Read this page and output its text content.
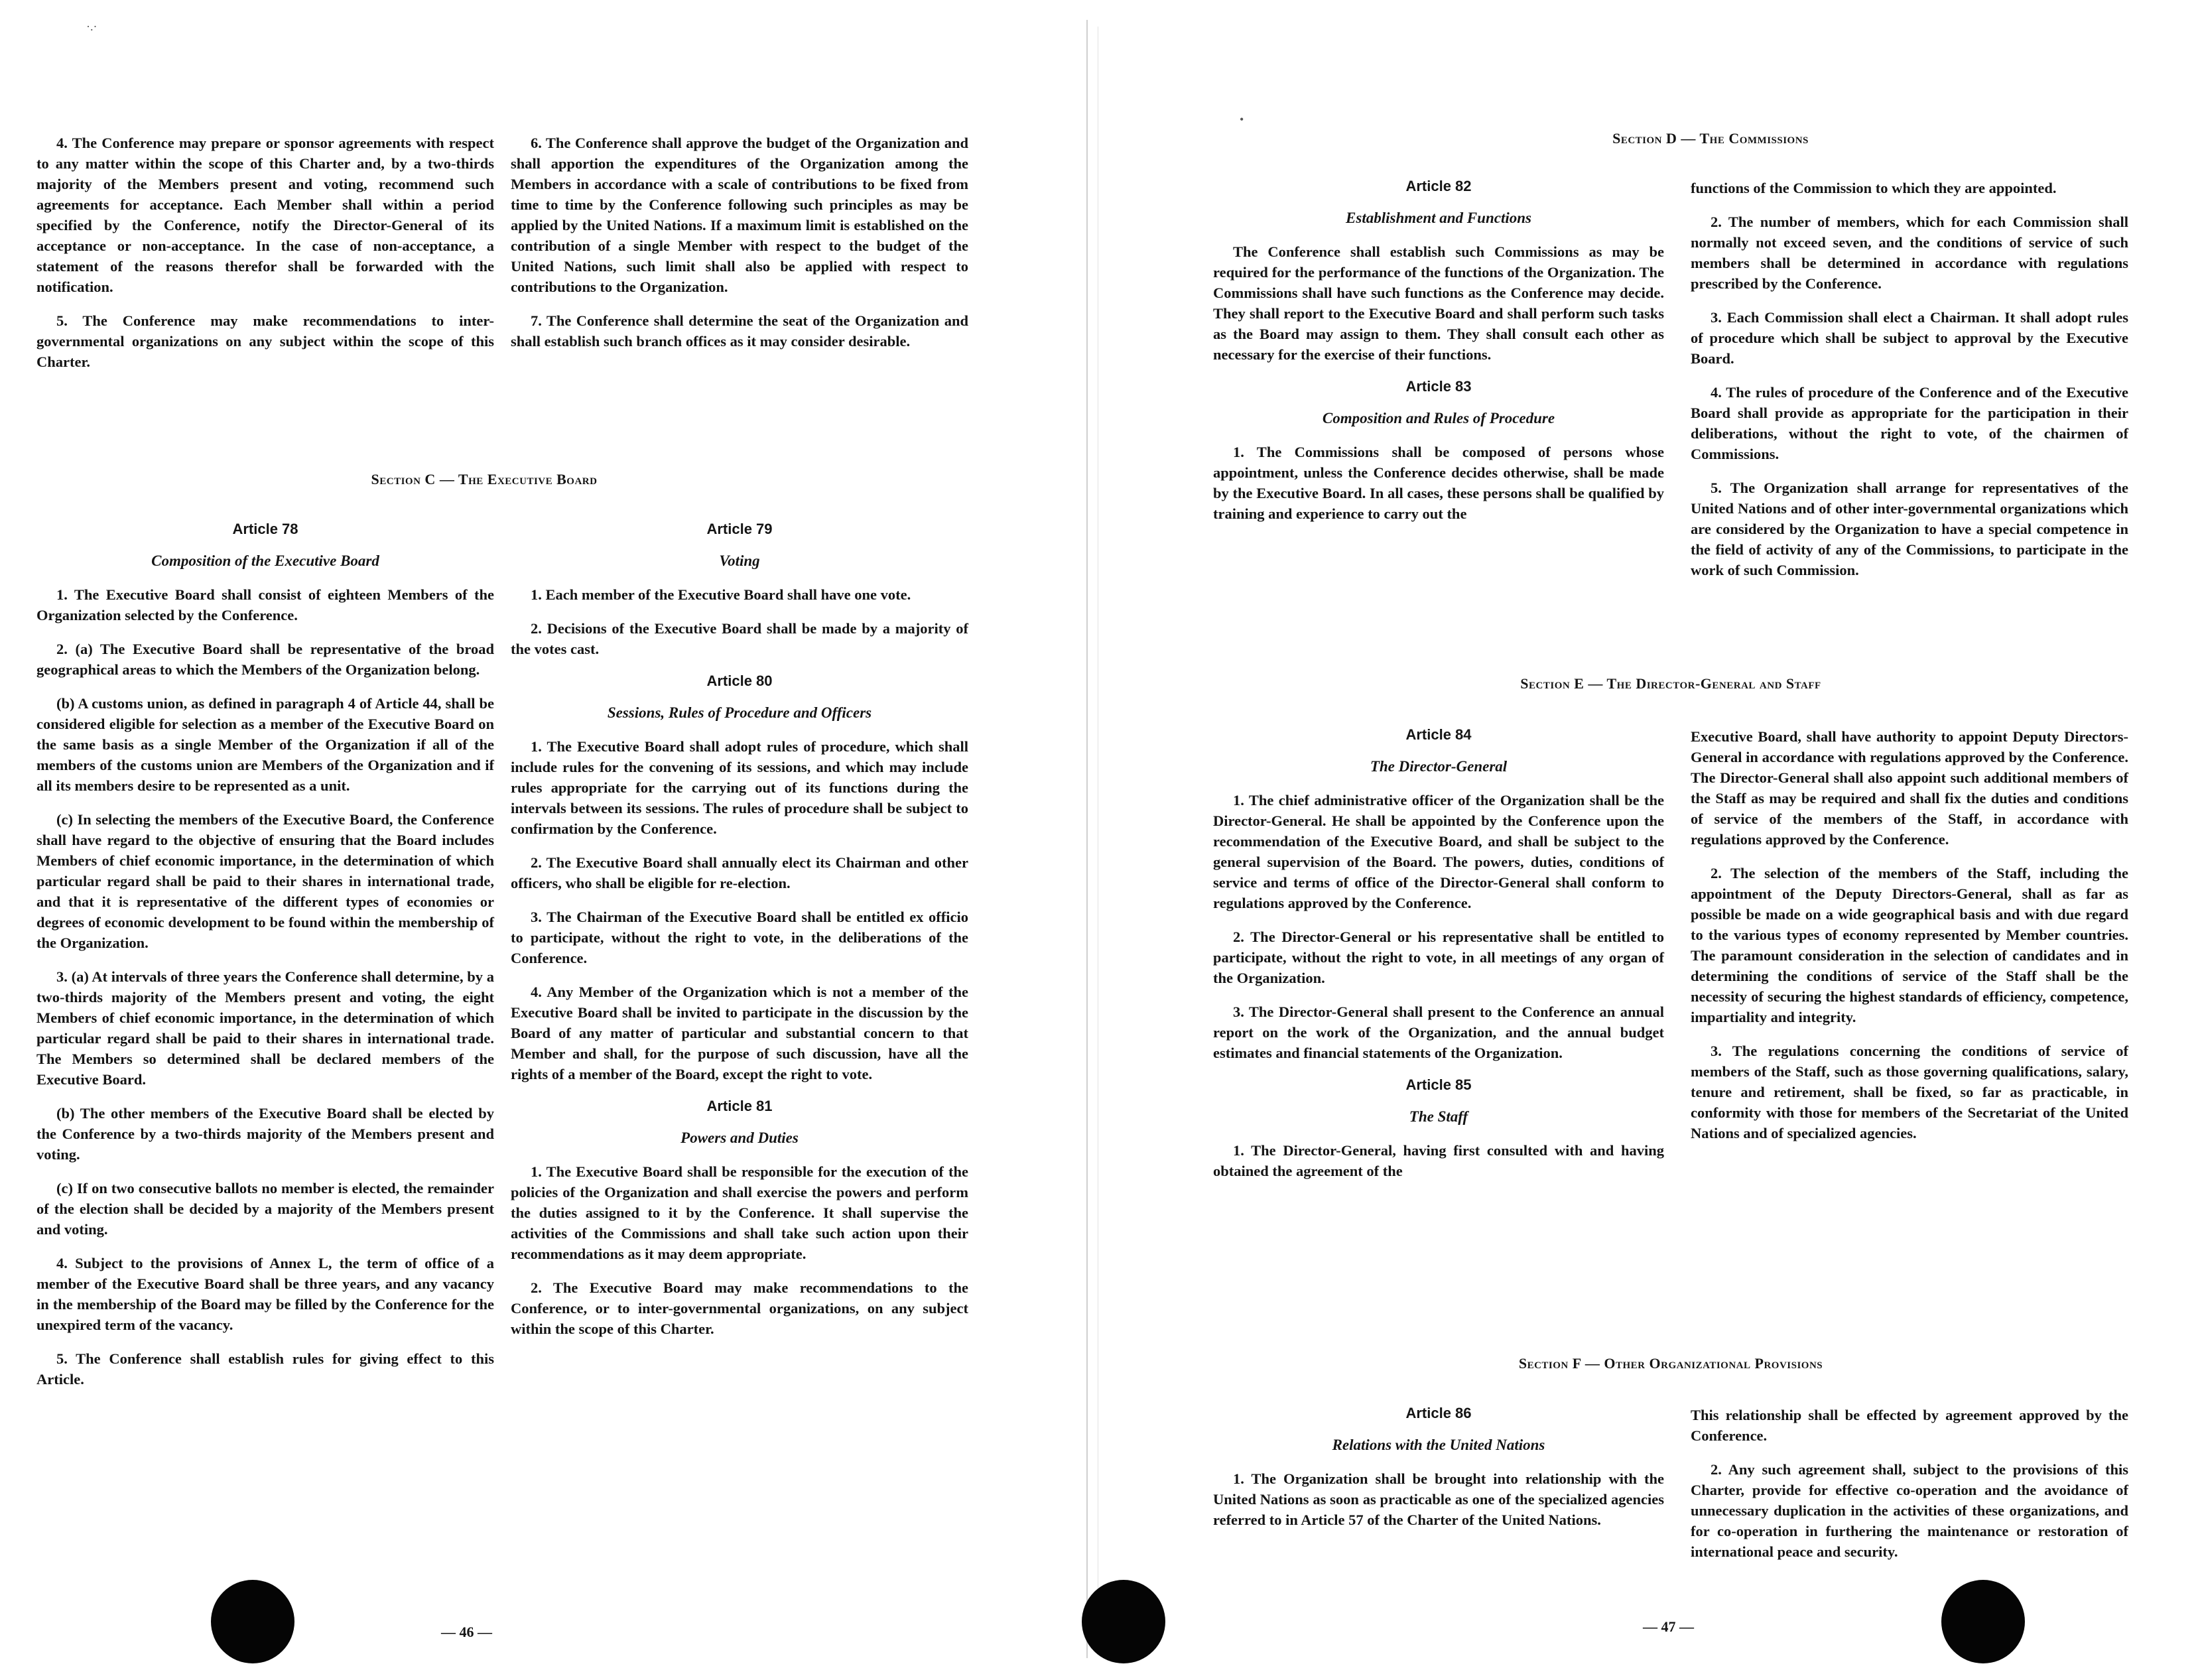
·.·

4. The Conference may prepare or sponsor agreements with respect to any matter within the scope of this Charter and, by a two-thirds majority of the Members present and voting, recommend such agreements for acceptance. Each Member shall within a period specified by the Conference, notify the Director-General of its acceptance or non-acceptance. In the case of non-acceptance, a statement of the reasons therefor shall be forwarded with the notification.

5. The Conference may make recommendations to inter-governmental organizations on any subject within the scope of this Charter.

6. The Conference shall approve the budget of the Organization and shall apportion the expenditures of the Organization among the Members in accordance with a scale of contributions to be fixed from time to time by the Conference following such principles as may be applied by the United Nations. If a maximum limit is established on the contribution of a single Member with respect to the budget of the United Nations, such limit shall also be applied with respect to contributions to the Organization.

7. The Conference shall determine the seat of the Organization and shall establish such branch offices as it may consider desirable.

Section C — The Executive Board
Article 78
Composition of the Executive Board

1. The Executive Board shall consist of eighteen Members of the Organization selected by the Conference.

2. (a) The Executive Board shall be representative of the broad geographical areas to which the Members of the Organization belong.

(b) A customs union, as defined in paragraph 4 of Article 44, shall be considered eligible for selection as a member of the Executive Board on the same basis as a single Member of the Organization if all of the members of the customs union are Members of the Organization and if all its members desire to be represented as a unit.

(c) In selecting the members of the Executive Board, the Conference shall have regard to the objective of ensuring that the Board includes Members of chief economic importance, in the determination of which particular regard shall be paid to their shares in international trade, and that it is representative of the different types of economies or degrees of economic development to be found within the membership of the Organization.

3. (a) At intervals of three years the Conference shall determine, by a two-thirds majority of the Members present and voting, the eight Members of chief economic importance, in the determination of which particular regard shall be paid to their shares in international trade. The Members so determined shall be declared members of the Executive Board.

(b) The other members of the Executive Board shall be elected by the Conference by a two-thirds majority of the Members present and voting.

(c) If on two consecutive ballots no member is elected, the remainder of the election shall be decided by a majority of the Members present and voting.

4. Subject to the provisions of Annex L, the term of office of a member of the Executive Board shall be three years, and any vacancy in the membership of the Board may be filled by the Conference for the unexpired term of the vacancy.

5. The Conference shall establish rules for giving effect to this Article.

Article 79
Voting

1. Each member of the Executive Board shall have one vote.

2. Decisions of the Executive Board shall be made by a majority of the votes cast.

Article 80
Sessions, Rules of Procedure and Officers

1. The Executive Board shall adopt rules of procedure, which shall include rules for the convening of its sessions, and which may include rules appropriate for the carrying out of its functions during the intervals between its sessions. The rules of procedure shall be subject to confirmation by the Conference.

2. The Executive Board shall annually elect its Chairman and other officers, who shall be eligible for re-election.

3. The Chairman of the Executive Board shall be entitled ex officio to participate, without the right to vote, in the deliberations of the Conference.

4. Any Member of the Organization which is not a member of the Executive Board shall be invited to participate in the discussion by the Board of any matter of particular and substantial concern to that Member and shall, for the purpose of such discussion, have all the rights of a member of the Board, except the right to vote.

Article 81
Powers and Duties

1. The Executive Board shall be responsible for the execution of the policies of the Organization and shall exercise the powers and perform the duties assigned to it by the Conference. It shall supervise the activities of the Commissions and shall take such action upon their recommendations as it may deem appropriate.

2. The Executive Board may make recommendations to the Conference, or to inter-governmental organizations, on any subject within the scope of this Charter.

— 46 —
•
Section D — The Commissions
Article 82
Establishment and Functions

The Conference shall establish such Commissions as may be required for the performance of the functions of the Organization. The Commissions shall have such functions as the Conference may decide. They shall report to the Executive Board and shall perform such tasks as the Board may assign to them. They shall consult each other as necessary for the exercise of their functions.

Article 83
Composition and Rules of Procedure

1. The Commissions shall be composed of persons whose appointment, unless the Conference decides otherwise, shall be made by the Executive Board. In all cases, these persons shall be qualified by training and experience to carry out the

functions of the Commission to which they are appointed.

2. The number of members, which for each Commission shall normally not exceed seven, and the conditions of service of such members shall be determined in accordance with regulations prescribed by the Conference.

3. Each Commission shall elect a Chairman. It shall adopt rules of procedure which shall be subject to approval by the Executive Board.

4. The rules of procedure of the Conference and of the Executive Board shall provide as appropriate for the participation in their deliberations, without the right to vote, of the chairmen of Commissions.

5. The Organization shall arrange for representatives of the United Nations and of other inter-governmental organizations which are considered by the Organization to have a special competence in the field of activity of any of the Commissions, to participate in the work of such Commission.

Section E — The Director-General and Staff
Article 84
The Director-General

1. The chief administrative officer of the Organization shall be the Director-General. He shall be appointed by the Conference upon the recommendation of the Executive Board, and shall be subject to the general supervision of the Board. The powers, duties, conditions of service and terms of office of the Director-General shall conform to regulations approved by the Conference.

2. The Director-General or his representative shall be entitled to participate, without the right to vote, in all meetings of any organ of the Organization.

3. The Director-General shall present to the Conference an annual report on the work of the Organization, and the annual budget estimates and financial statements of the Organization.

Article 85
The Staff

1. The Director-General, having first consulted with and having obtained the agreement of the

Executive Board, shall have authority to appoint Deputy Directors-General in accordance with regulations approved by the Conference. The Director-General shall also appoint such additional members of the Staff as may be required and shall fix the duties and conditions of service of the members of the Staff, in accordance with regulations approved by the Conference.

2. The selection of the members of the Staff, including the appointment of the Deputy Directors-General, shall as far as possible be made on a wide geographical basis and with due regard to the various types of economy represented by Member countries. The paramount consideration in the selection of candidates and in determining the conditions of service of the Staff shall be the necessity of securing the highest standards of efficiency, competence, impartiality and integrity.

3. The regulations concerning the conditions of service of members of the Staff, such as those governing qualifications, salary, tenure and retirement, shall be fixed, so far as practicable, in conformity with those for members of the Secretariat of the United Nations and of specialized agencies.

Section F — Other Organizational Provisions
Article 86
Relations with the United Nations

1. The Organization shall be brought into relationship with the United Nations as soon as practicable as one of the specialized agencies referred to in Article 57 of the Charter of the United Nations.

This relationship shall be effected by agreement approved by the Conference.

2. Any such agreement shall, subject to the provisions of this Charter, provide for effective co-operation and the avoidance of unnecessary duplication in the activities of these organizations, and for co-operation in furthering the maintenance or restoration of international peace and security.

— 47 —
